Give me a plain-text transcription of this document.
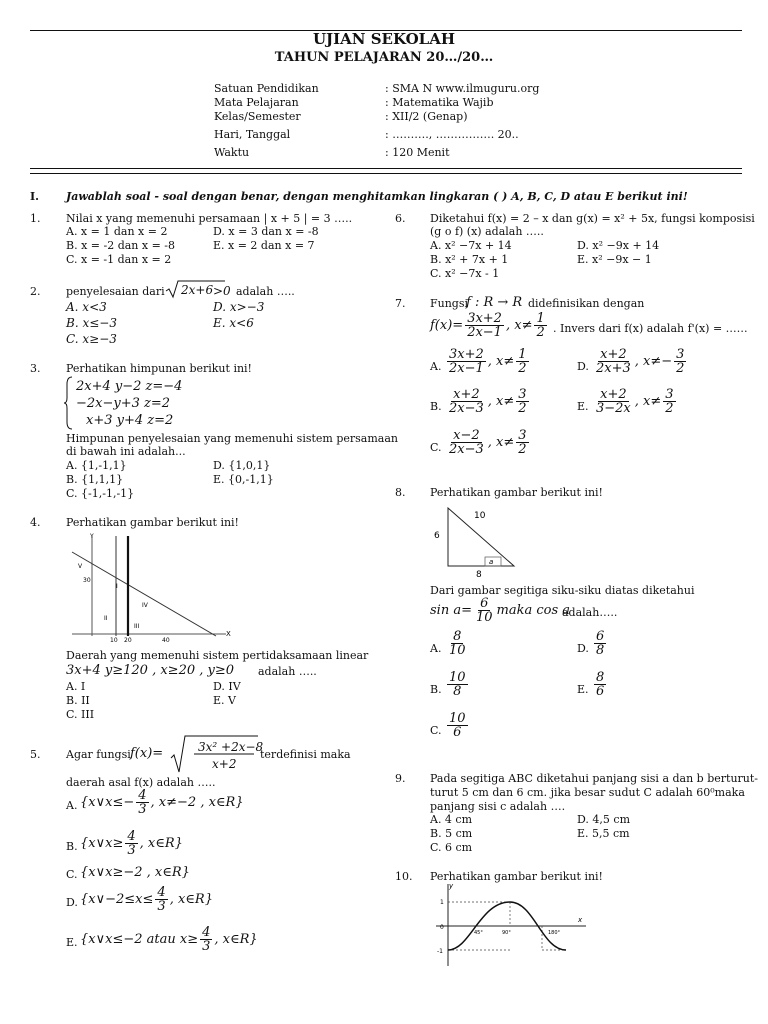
UJIAN SEKOLAH
TAHUN PELAJARAN 20…/20…
Satuan Pendidikan	: SMA N www.ilmuguru.org
Mata Pelajaran	: Matematika Wajib
Kelas/Semester	: XII/2 (Genap)
Hari, Tanggal	: ………., ……………. 20..
Waktu	: 120 Menit
I. Jawablah soal - soal dengan benar, dengan menghitamkan lingkaran ( ) A, B, C, D atau E berikut ini!
1. Nilai x yang memenuhi persamaan | x + 5 | = 3 …..
A. x = 1 dan x = 2	D. x = 3 dan x = -8
B. x = -2 dan x = -8	E. x = 2 dan x = 7
C. x = -1 dan x = 2
2. penyelesaian dari 2x+6 >0 adalah …..
A. x<3	D. x>−3
B. x≤−3	E. x<6
C. x≥−3
3. Perhatikan himpunan berikut ini!
2x+4 y−2 z=−4
−2x−y+3 z=2
x+3 y+4 z=2
Himpunan penyelesaian yang memenuhi sistem persamaan
di bawah ini adalah...
A. {1,-1,1}	D. {1,0,1}
B. {1,1,1}	E. {0,-1,1}
C. {-1,-1,-1}
4. Perhatikan gambar berikut ini!
Y
X
30
10 20	40
V
I
II
III
IV
Daerah yang memenuhi sistem pertidaksamaan linear
3x+4 y≥120 , x≥20 , y≥0 adalah …..
A. I	D. IV
B. II	E. V
C. III
5. Agar fungsi f(x)=	3x² +2x−8
x+2
terdefinisi maka
daerah asal f(x) adalah …..
A. {x∨x≤− $\frac{4}{3}$ , x≠−2 , x∈R}
B. {x∨x≥ $\frac{4}{3}$ , x∈R}
C. {x∨x≥−2 , x∈R}
D. {x∨−2≤x≤ $\frac{4}{3}$ , x∈R}
E. {x∨x≤−2 atau $x\ge \frac{4}{3}$ , x∈R}
6. Diketahui f(x) = 2 – x dan g(x) = x² + 5x, fungsi komposisi
(g o f) (x) adalah …..
A. x² −7x + 14	D. x² −9x + 14
B. x² + 7x + 1	E. x² −9x − 1
C. x² −7x - 1
7. Fungsi
f : R → R didefinisikan dengan
$f(x)= \frac{3x+2}{2x-1}$ , $x\ne \frac{1}{2}$ . Invers dari f(x) adalah f'(x) = ……
A. $\frac{3x+2}{2x-1}$ , $x\ne \frac{1}{2}$	D. $\frac{x+2}{2x+3}$ , $x\ne- \frac{3}{2}$
B. $\frac{x+2}{2x-3}$ , $x\ne \frac{3}{2}$	E. $\frac{x+2}{3-2x}$ , $x\ne \frac{3}{2}$
C. $\frac{x-2}{2x-3}$ , $x\ne \frac{3}{2}$
8. Perhatikan gambar berikut ini!
10
6
8
a
Dari gambar segitiga siku-siku diatas diketahui
$\sin a= \frac{6}{10}$ maka cos a
adalah…..
A. $\frac{8}{10}$	D. $\frac{6}{8}$
B. $\frac{10}{8}$	E. $\frac{8}{6}$
C. $\frac{10}{6}$
9. Pada segitiga ABC diketahui panjang sisi a dan b berturut-
turut 5 cm dan 6 cm. jika besar sudut C adalah 60⁰maka
panjang sisi c adalah ….
A. 4 cm	D. 4,5 cm
B. 5 cm	E. 5,5 cm
C. 6 cm
10. Perhatikan gambar berikut ini!
y
x
1
0
-1
45°	90°	180°
